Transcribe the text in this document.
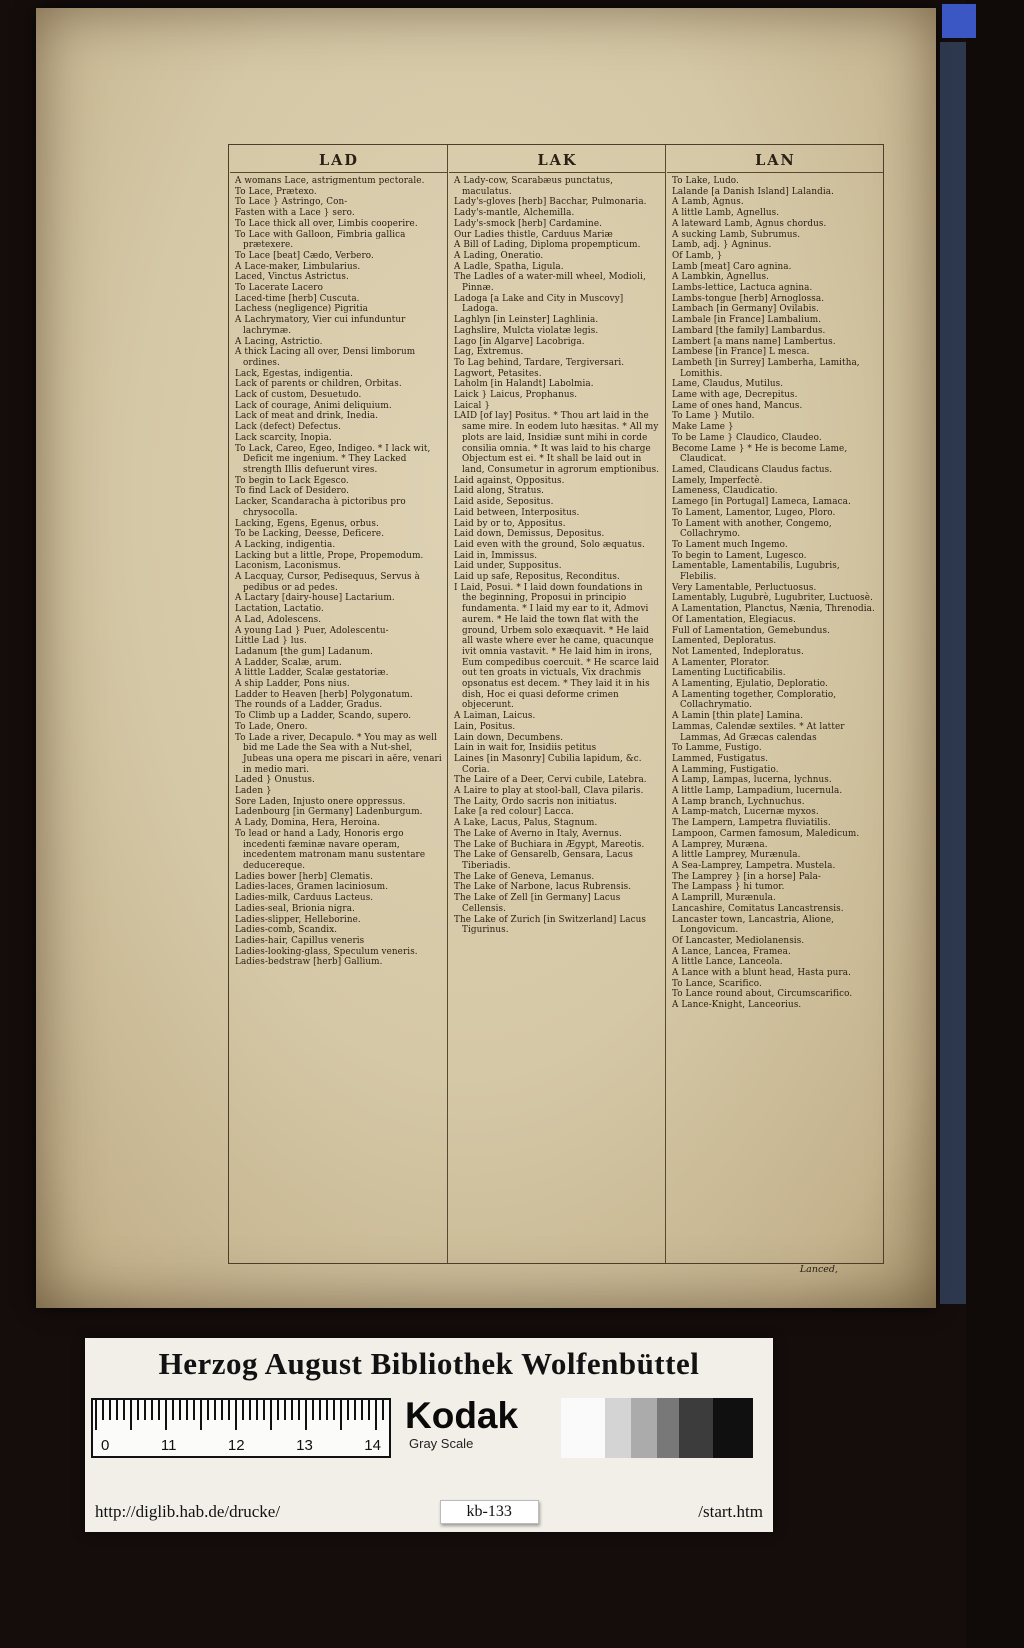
LAD

A womans Lace, astrigmentum pectorale.

To Lace, Prætexo.

To Lace } Astringo, Con-

Fasten with a Lace } sero.

To Lace thick all over, Limbis cooperire.

To Lace with Galloon, Fimbria gallica prætexere.

To Lace [beat] Cædo, Verbero.

A Lace-maker, Limbularius.

Laced, Vinctus Astrictus.

To Lacerate Lacero

Laced-time [herb] Cuscuta.

Lachess (negligence) Pigritia

A Lachrymatory, Vier cui infunduntur lachrymæ.

A Lacing, Astrictio.

A thick Lacing all over, Densi limborum ordines.

Lack, Egestas, indigentia.

Lack of parents or children, Orbitas.

Lack of custom, Desuetudo.

Lack of courage, Animi deliquium.

Lack of meat and drink, Inedia.

Lack (defect) Defectus.

Lack scarcity, Inopia.

To Lack, Careo, Egeo, Indigeo. * I lack wit, Deficit me ingenium. * They Lacked strength Illis defuerunt vires.

To begin to Lack Egesco.

To find Lack of Desidero.

Lacker, Scandaracha à pictoribus pro chrysocolla.

Lacking, Egens, Egenus, orbus.

To be Lacking, Deesse, Deficere.

A Lacking, indigentia.

Lacking but a little, Prope, Propemodum.

Laconism, Laconismus.

A Lacquay, Cursor, Pedisequus, Servus à pedibus or ad pedes.

A Lactary [dairy-house] Lactarium.

Lactation, Lactatio.

A Lad, Adolescens.

A young Lad } Puer, Adolescentu-

Little Lad } lus.

Ladanum [the gum] Ladanum.

A Ladder, Scalæ, arum.

A little Ladder, Scalæ gestatoriæ.

A ship Ladder, Pons nius.

Ladder to Heaven [herb] Polygonatum.

The rounds of a Ladder, Gradus.

To Climb up a Ladder, Scando, supero.

To Lade, Onero.

To Lade a river, Decapulo. * You may as well bid me Lade the Sea with a Nut-shel, Jubeas una opera me piscari in aëre, venari in medio mari.

Laded } Onustus.

Laden }

Sore Laden, Injusto onere oppressus.

Ladenbourg [in Germany] Ladenburgum.

A Lady, Domina, Hera, Heroina.

To lead or hand a Lady, Honoris ergo incedenti fæminæ navare operam, incedentem matronam manu sustentare deducereque.

Ladies bower [herb] Clematis.

Ladies-laces, Gramen laciniosum.

Ladies-milk, Carduus Lacteus.

Ladies-seal, Brionia nigra.

Ladies-slipper, Helleborine.

Ladies-comb, Scandix.

Ladies-hair, Capillus veneris

Ladies-looking-glass, Speculum veneris.

Ladies-bedstraw [herb] Gallium.

LAK

A Lady-cow, Scarabæus punctatus, maculatus.

Lady's-gloves [herb] Bacchar, Pulmonaria.

Lady's-mantle, Alchemilla.

Lady's-smock [herb] Cardamine.

Our Ladies thistle, Carduus Mariæ

A Bill of Lading, Diploma propempticum.

A Lading, Oneratio.

A Ladle, Spatha, Ligula.

The Ladles of a water-mill wheel, Modioli, Pinnæ.

Ladoga [a Lake and City in Muscovy] Ladoga.

Laghlyn [in Leinster] Laghlinia.

Laghslire, Mulcta violatæ legis.

Lago [in Algarve] Lacobriga.

Lag, Extremus.

To Lag behind, Tardare, Tergiversari.

Lagwort, Petasites.

Laholm [in Halandt] Labolmia.

Laick } Laicus, Prophanus.

Laical }

LAID [of lay] Positus. * Thou art laid in the same mire. In eodem luto hæsitas. * All my plots are laid, Insidiæ sunt mihi in corde consilia omnia. * It was laid to his charge Objectum est ei. * It shall be laid out in land, Consumetur in agrorum emptionibus.

Laid against, Oppositus.

Laid along, Stratus.

Laid aside, Sepositus.

Laid between, Interpositus.

Laid by or to, Appositus.

Laid down, Demissus, Depositus.

Laid even with the ground, Solo æquatus.

Laid in, Immissus.

Laid under, Suppositus.

Laid up safe, Repositus, Reconditus.

I Laid, Posui. * I laid down foundations in the beginning, Proposui in principio fundamenta. * I laid my ear to it, Admovi aurem. * He laid the town flat with the ground, Urbem solo exæquavit. * He laid all waste where ever he came, quacunque ivit omnia vastavit. * He laid him in irons, Eum compedibus coercuit. * He scarce laid out ten groats in victuals, Vix drachmis opsonatus est decem. * They laid it in his dish, Hoc ei quasi deforme crimen objecerunt.

A Laiman, Laicus.

Lain, Positus.

Lain down, Decumbens.

Lain in wait for, Insidiis petitus

Laines [in Masonry] Cubilia lapidum, &c. Coria.

The Laire of a Deer, Cervi cubile, Latebra.

A Laire to play at stool-ball, Clava pilaris.

The Laity, Ordo sacris non initiatus.

Lake [a red colour] Lacca.

A Lake, Lacus, Palus, Stagnum.

The Lake of Averno in Italy, Avernus.

The Lake of Buchiara in Ægypt, Mareotis.

The Lake of Gensarelb, Gensara, Lacus Tiberiadis.

The Lake of Geneva, Lemanus.

The Lake of Narbone, lacus Rubrensis.

The Lake of Zell [in Germany] Lacus Cellensis.

The Lake of Zurich [in Switzerland] Lacus Tigurinus.

LAN

To Lake, Ludo.

Lalande [a Danish Island] Lalandia.

A Lamb, Agnus.

A little Lamb, Agnellus.

A lateward Lamb, Agnus chordus.

A sucking Lamb, Subrumus.

Lamb, adj. } Agninus.

Of Lamb, }

Lamb [meat] Caro agnina.

A Lambkin, Agnellus.

Lambs-lettice, Lactuca agnina.

Lambs-tongue [herb] Arnoglossa.

Lambach [in Germany] Ovilabis.

Lambale [in France] Lambalium.

Lambard [the family] Lambardus.

Lambert [a mans name] Lambertus.

Lambese [in France] L mesca.

Lambeth [in Surrey] Lamberha, Lamitha, Lomithis.

Lame, Claudus, Mutilus.

Lame with age, Decrepitus.

Lame of ones hand, Mancus.

To Lame } Mutilo.

Make Lame }

To be Lame } Claudico, Claudeo.

Become Lame } * He is become Lame, Claudicat.

Lamed, Claudicans Claudus factus.

Lamely, Imperfectè.

Lameness, Claudicatio.

Lamego [in Portugal] Lameca, Lamaca.

To Lament, Lamentor, Lugeo, Ploro.

To Lament with another, Congemo, Collachrymo.

To Lament much Ingemo.

To begin to Lament, Lugesco.

Lamentable, Lamentabilis, Lugubris, Flebilis.

Very Lamentable, Perluctuosus.

Lamentably, Lugubrè, Lugubriter, Luctuosè.

A Lamentation, Planctus, Nænia, Threnodia.

Of Lamentation, Elegiacus.

Full of Lamentation, Gemebundus.

Lamented, Deploratus.

Not Lamented, Indeploratus.

A Lamenter, Plorator.

Lamenting Luctificabilis.

A Lamenting, Ejulatio, Deploratio.

A Lamenting together, Comploratio, Collachrymatio.

A Lamin [thin plate] Lamina.

Lammas, Calendæ sextiles. * At latter Lammas, Ad Græcas calendas

To Lamme, Fustigo.

Lammed, Fustigatus.

A Lamming, Fustigatio.

A Lamp, Lampas, lucerna, lychnus.

A little Lamp, Lampadium, lucernula.

A Lamp branch, Lychnuchus.

A Lamp-match, Lucernæ myxos.

The Lampern, Lampetra fluviatilis.

Lampoon, Carmen famosum, Maledicum.

A Lamprey, Muræna.

A little Lamprey, Murænula.

A Sea-Lamprey, Lampetra. Mustela.

The Lamprey } [in a horse] Pala-

The Lampass } hi tumor.

A Lamprill, Murænula.

Lancashire, Comitatus Lancastrensis.

Lancaster town, Lancastria, Alione, Longovicum.

Of Lancaster, Mediolanensis.

A Lance, Lancea, Framea.

A little Lance, Lanceola.

A Lance with a blunt head, Hasta pura.

To Lance, Scarifico.

To Lance round about, Circumscarifico.

A Lance-Knight, Lanceorius.

Lanced,
Herzog August Bibliothek Wolfenbüttel
0	11	12	13	14
Kodak
Gray Scale
http://diglib.hab.de/drucke/	kb-133	/start.htm
